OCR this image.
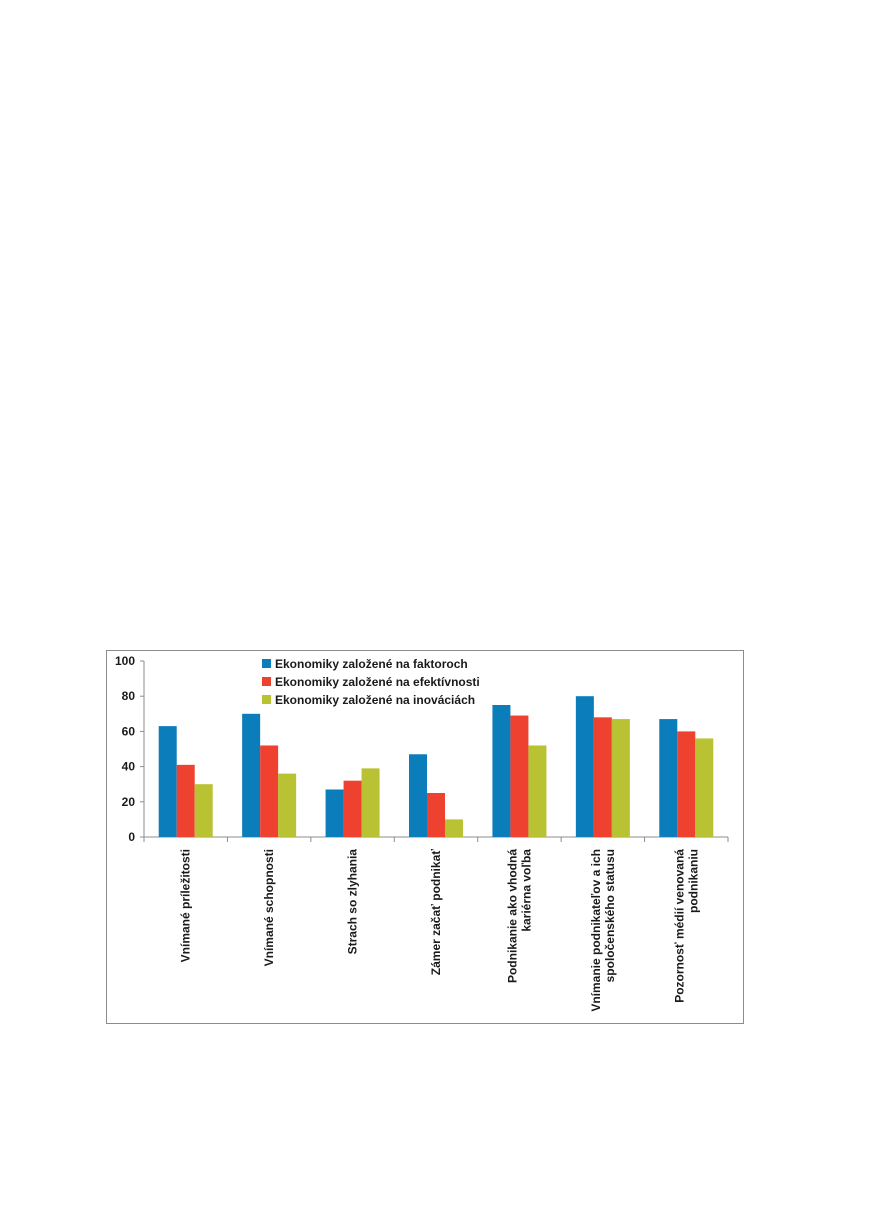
0
20
40
60
80
100
Vnímané príležitosti	Vnímané schopnosti	Strach so zlyhania	Zámer začať podnikať	Podnikanie ako vhodná kariérna voľba	Vnímanie podnikateľov a ich spoločenského statusu	Pozornosť médií venovaná podnikaniu
Ekonomiky založené na faktoroch
Ekonomiky založené na efektívnosti
Ekonomiky založené na inováciách
